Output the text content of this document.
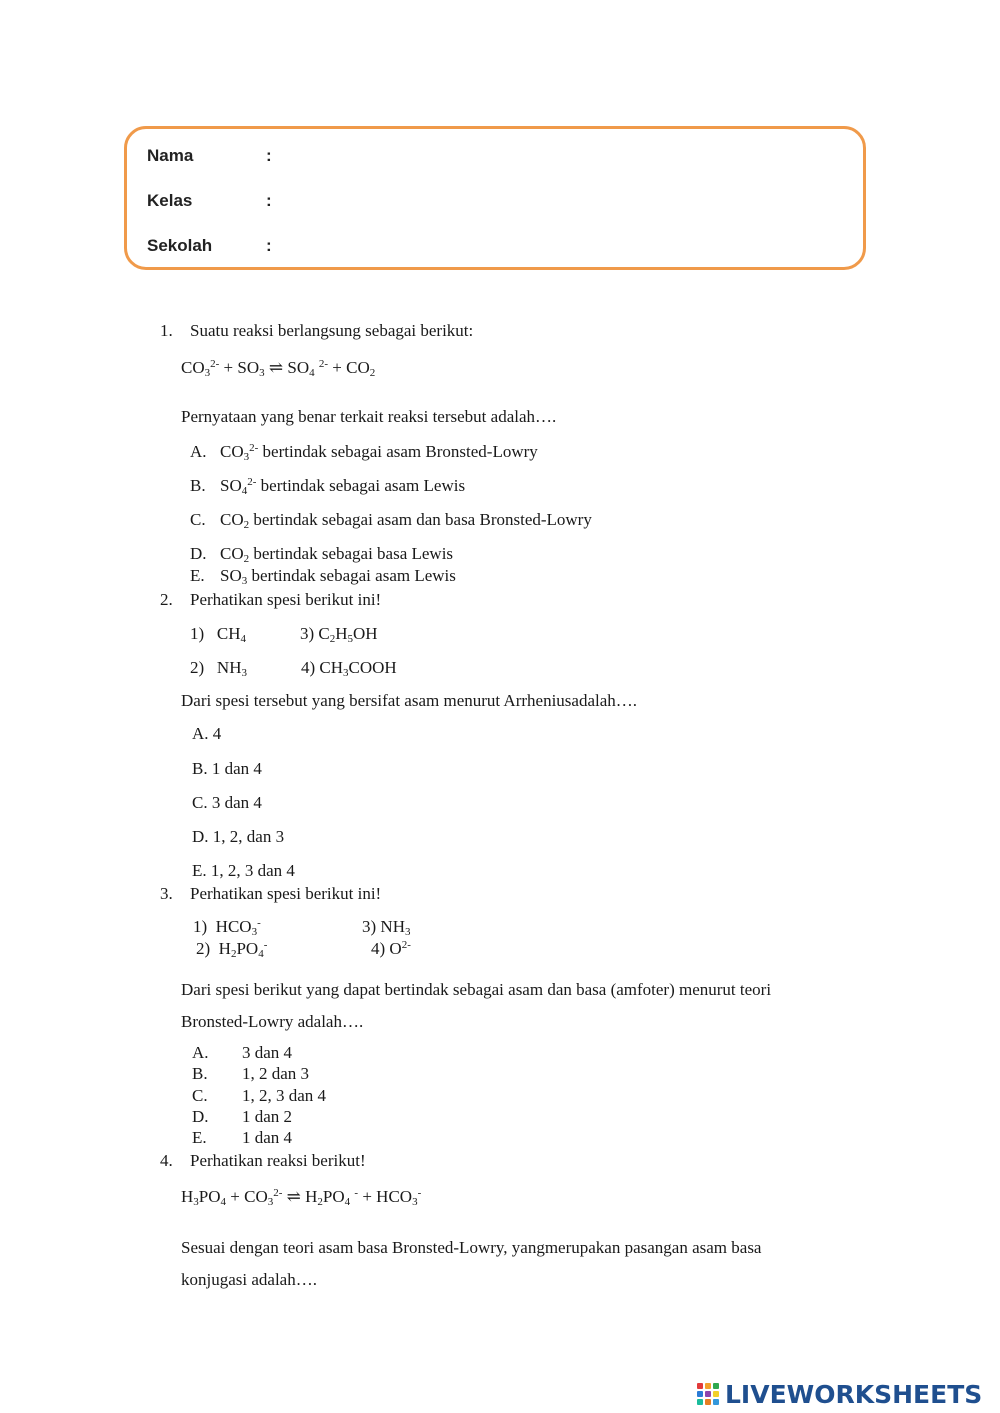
Nama	:
Kelas	:
Sekolah	:
1. Suatu reaksi berlangsung sebagai berikut:
$CO_3^{2-} + SO_3$ ⇌ $SO_4$ $^{2-} + CO_2$
Pernyataan yang benar terkait reaksi tersebut adalah….
A. $CO_3^{2-}$ bertindak sebagai asam Bronsted-Lowry
B. $SO_4^{2-}$ bertindak sebagai asam Lewis
C. $CO_2$ bertindak sebagai asam dan basa Bronsted-Lowry
D. $CO_2$ bertindak sebagai basa Lewis
E. $SO_3$ bertindak sebagai asam Lewis
2. Perhatikan spesi berikut ini!
1) $CH_4$	3) $C_2H_5OH$
2) $NH_3$	4) $CH_3COOH$
Dari spesi tersebut yang bersifat asam menurut Arrheniusadalah….
A. 4
B. 1 dan 4
C. 3 dan 4
D. 1, 2, dan 3
E. 1, 2, 3 dan 4
3. Perhatikan spesi berikut ini!
1) $HCO_3^-$	3) $NH_3$
2) $H_2PO_4^-$	4) $O^{2-}$
Dari spesi berikut yang dapat bertindak sebagai asam dan basa (amfoter) menurut teori
Bronsted-Lowry adalah….
A. 3 dan 4
B. 1, 2 dan 3
C. 1, 2, 3 dan 4
D. 1 dan 2
E. 1 dan 4
4. Perhatikan reaksi berikut!
$H_3PO_4 + CO_3^{2-}$ ⇌ $H_2PO_4$ $^- + HCO_3^-$
Sesuai dengan teori asam basa Bronsted-Lowry, yangmerupakan pasangan asam basa
konjugasi adalah….
LIVEWORKSHEETS
